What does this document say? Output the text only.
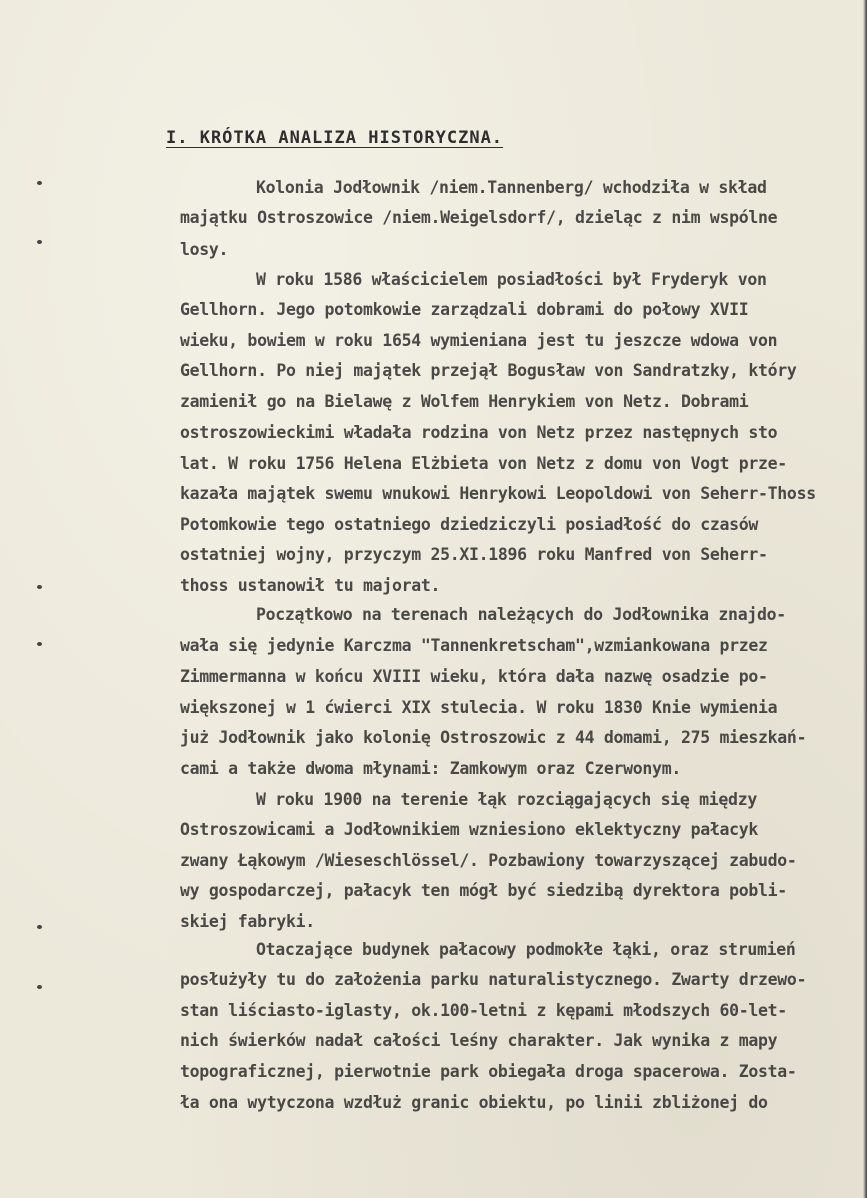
I. KRÓTKA ANALIZA HISTORYCZNA.
Kolonia Jodłownik /niem.Tannenberg/ wchodziła w skład
majątku Ostroszowice /niem.Weigelsdorf/, dzieląc z nim wspólne
losy.
W roku 1586 właścicielem posiadłości był Fryderyk von
Gellhorn. Jego potomkowie zarządzali dobrami do połowy XVII
wieku, bowiem w roku 1654 wymieniana jest tu jeszcze wdowa von
Gellhorn. Po niej majątek przejął Bogusław von Sandratzky, który
zamienił go na Bielawę z Wolfem Henrykiem von Netz. Dobrami
ostroszowieckimi władała rodzina von Netz przez następnych sto
lat. W roku 1756 Helena Elżbieta von Netz z domu von Vogt prze-
kazała majątek swemu wnukowi Henrykowi Leopoldowi von Seherr-Thoss
Potomkowie tego ostatniego dziedziczyli posiadłość do czasów
ostatniej wojny, przyczym 25.XI.1896 roku Manfred von Seherr-
thoss ustanowił tu majorat.
Początkowo na terenach należących do Jodłownika znajdo-
wała się jedynie Karczma "Tannenkretscham",wzmiankowana przez
Zimmermanna w końcu XVIII wieku, która dała nazwę osadzie po-
większonej w 1 ćwierci XIX stulecia. W roku 1830 Knie wymienia
już Jodłownik jako kolonię Ostroszowic z 44 domami, 275 mieszkań-
cami a także dwoma młynami: Zamkowym oraz Czerwonym.
W roku 1900 na terenie łąk rozciągających się między
Ostroszowicami a Jodłownikiem wzniesiono eklektyczny pałacyk
zwany Łąkowym /Wieseschlössel/. Pozbawiony towarzyszącej zabudo-
wy gospodarczej, pałacyk ten mógł być siedzibą dyrektora pobli-
skiej fabryki.
Otaczające budynek pałacowy podmokłe łąki, oraz strumień
posłużyły tu do założenia parku naturalistycznego. Zwarty drzewo-
stan liściasto-iglasty, ok.100-letni z kępami młodszych 60-let-
nich świerków nadał całości leśny charakter. Jak wynika z mapy
topograficznej, pierwotnie park obiegała droga spacerowa. Zosta-
ła ona wytyczona wzdłuż granic obiektu, po linii zbliżonej do
